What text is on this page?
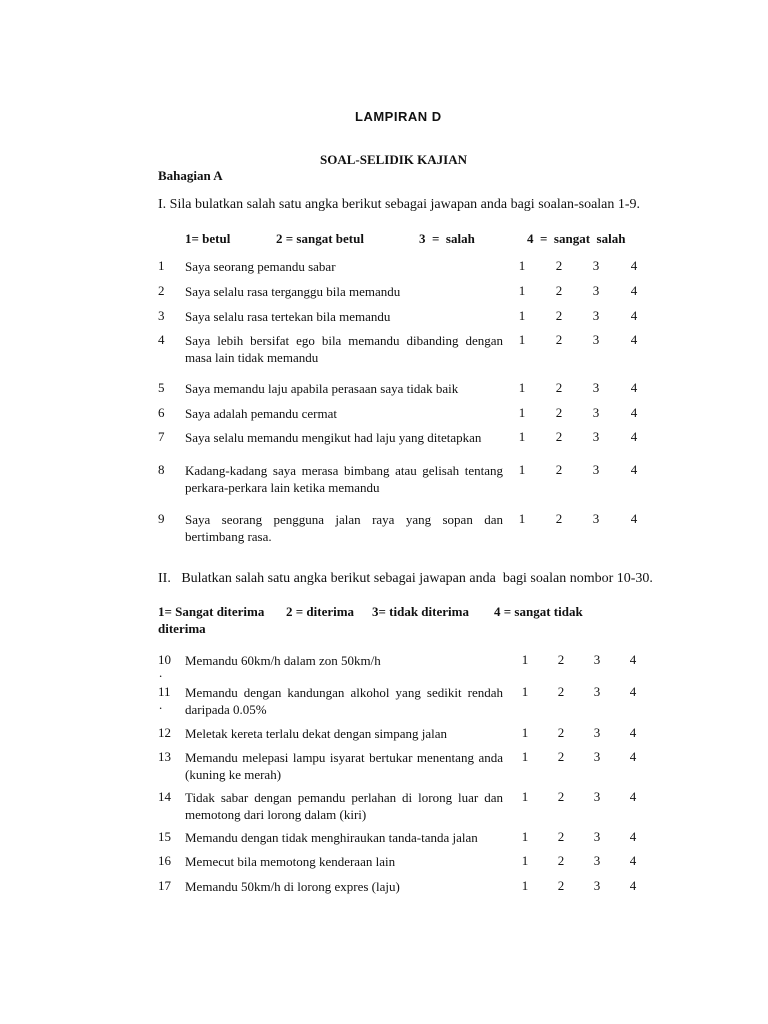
LAMPIRAN D
SOAL-SELIDIK KAJIAN
Bahagian A
I. Sila bulatkan salah satu angka berikut sebagai jawapan anda bagi soalan-soalan 1-9.
1= betul	2 = sangat betul	3  =  salah	4  =  sangat  salah
1 Saya seorang pemandu sabar	1 2 3 4
2 Saya selalu rasa terganggu bila memandu	1 2 3 4
3 Saya selalu rasa tertekan bila memandu	1 2 3 4
4 Saya lebih bersifat ego bila memandu dibanding dengan masa lain tidak memandu
1 2 3 4
5 Saya memandu laju apabila perasaan saya tidak baik	1 2 3 4
6 Saya adalah pemandu cermat	1 2 3 4
7 Saya selalu memandu mengikut had laju yang ditetapkan	1 2 3 4
8 Kadang-kadang saya merasa bimbang atau gelisah tentang perkara-perkara lain ketika memandu
1 2 3 4
9 Saya seorang pengguna jalan raya yang sopan dan bertimbang rasa.
1 2 3 4
II.   Bulatkan salah satu angka berikut sebagai jawapan anda  bagi soalan nombor 10-30.
1= Sangat diterima 2 = diterima 3= tidak diterima 4 = sangat tidak
diterima
10 Memandu 60km/h dalam zon 50km/h	1 2 3 4
.
11 Memandu dengan kandungan alkohol yang sedikit rendah daripada 0.05%
1 2 3 4
.
12 Meletak kereta terlalu dekat dengan simpang jalan	1 2 3 4
13 Memandu melepasi lampu isyarat bertukar menentang anda (kuning ke merah)
1 2 3 4
14 Tidak sabar dengan pemandu perlahan di lorong luar dan memotong dari lorong dalam (kiri)
1 2 3 4
15 Memandu dengan tidak menghiraukan tanda-tanda jalan	1 2 3 4
16 Memecut bila memotong kenderaan lain	1 2 3 4
17 Memandu 50km/h di lorong expres (laju)	1 2 3 4
